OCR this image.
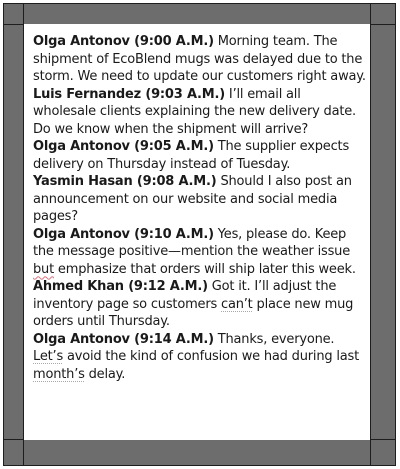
Olga Antonov (9:00 A.M.) Morning team. The shipment of EcoBlend mugs was delayed due to the storm. We need to update our customers right away.

Luis Fernandez (9:03 A.M.) I’ll email all wholesale clients explaining the new delivery date. Do we know when the shipment will arrive?

Olga Antonov (9:05 A.M.) The supplier expects delivery on Thursday instead of Tuesday.

Yasmin Hasan (9:08 A.M.) Should I also post an announcement on our website and social media pages?

Olga Antonov (9:10 A.M.) Yes, please do. Keep the message positive—mention the weather issue but emphasize that orders will ship later this week.

Ahmed Khan (9:12 A.M.) Got it. I’ll adjust the inventory page so customers can’t place new mug orders until Thursday.

Olga Antonov (9:14 A.M.) Thanks, everyone. Let’s avoid the kind of confusion we had during last month’s delay.
